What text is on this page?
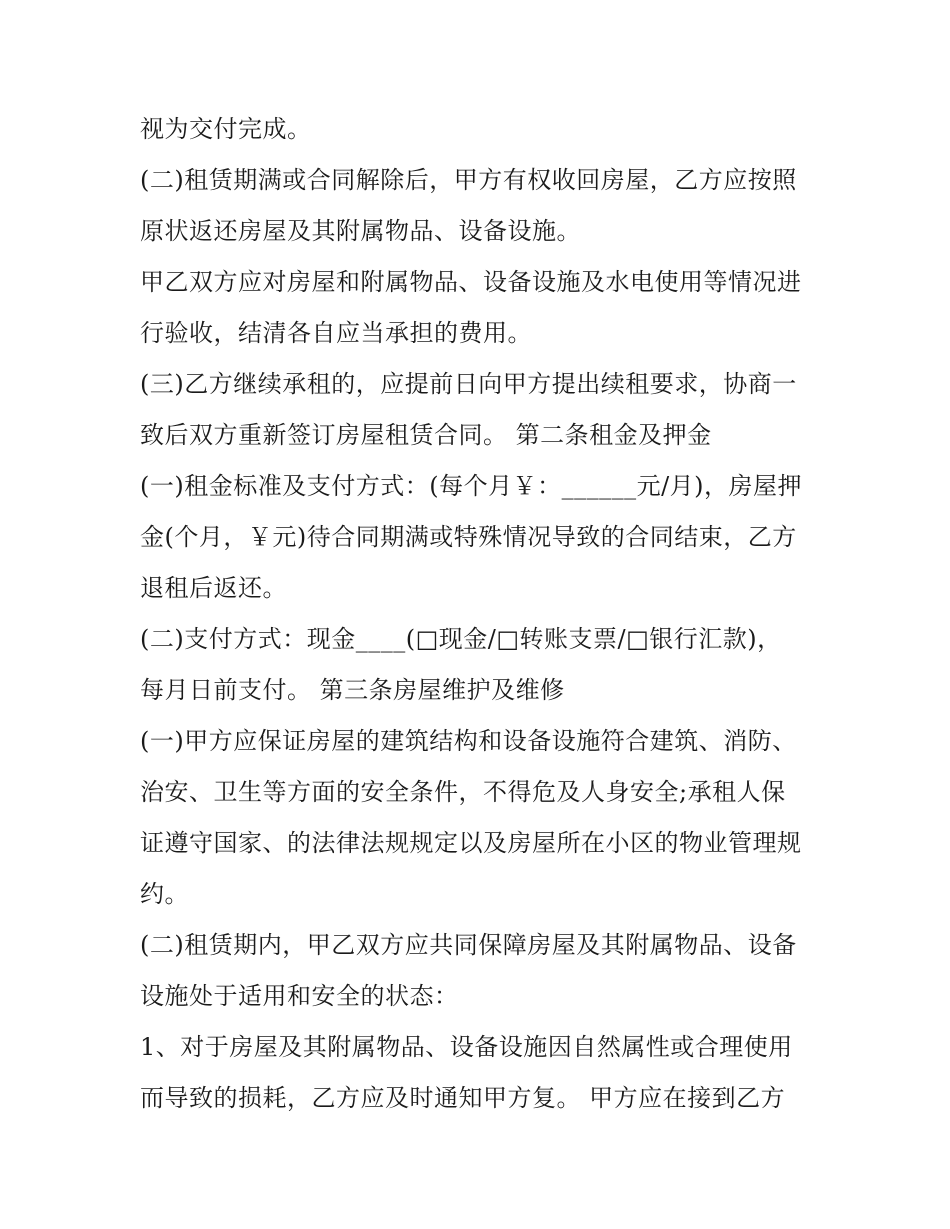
视为交付完成。
(二)租赁期满或合同解除后，甲方有权收回房屋，乙方应按照
原状返还房屋及其附属物品、设备设施。
甲乙双方应对房屋和附属物品、设备设施及水电使用等情况进
行验收，结清各自应当承担的费用。
(三)乙方继续承租的，应提前日向甲方提出续租要求，协商一
致后双方重新签订房屋租赁合同。 第二条租金及押金
(一)租金标准及支付方式：(每个月￥：______元/月)，房屋押
金(个月，￥元)待合同期满或特殊情况导致的合同结束，乙方
退租后返还。
(二)支付方式：现金____(□现金/□转账支票/□银行汇款)，
每月日前支付。 第三条房屋维护及维修
(一)甲方应保证房屋的建筑结构和设备设施符合建筑、消防、
治安、卫生等方面的安全条件，不得危及人身安全;承租人保
证遵守国家、的法律法规规定以及房屋所在小区的物业管理规
约。
(二)租赁期内，甲乙双方应共同保障房屋及其附属物品、设备
设施处于适用和安全的状态：
1、对于房屋及其附属物品、设备设施因自然属性或合理使用
而导致的损耗，乙方应及时通知甲方复。 甲方应在接到乙方
